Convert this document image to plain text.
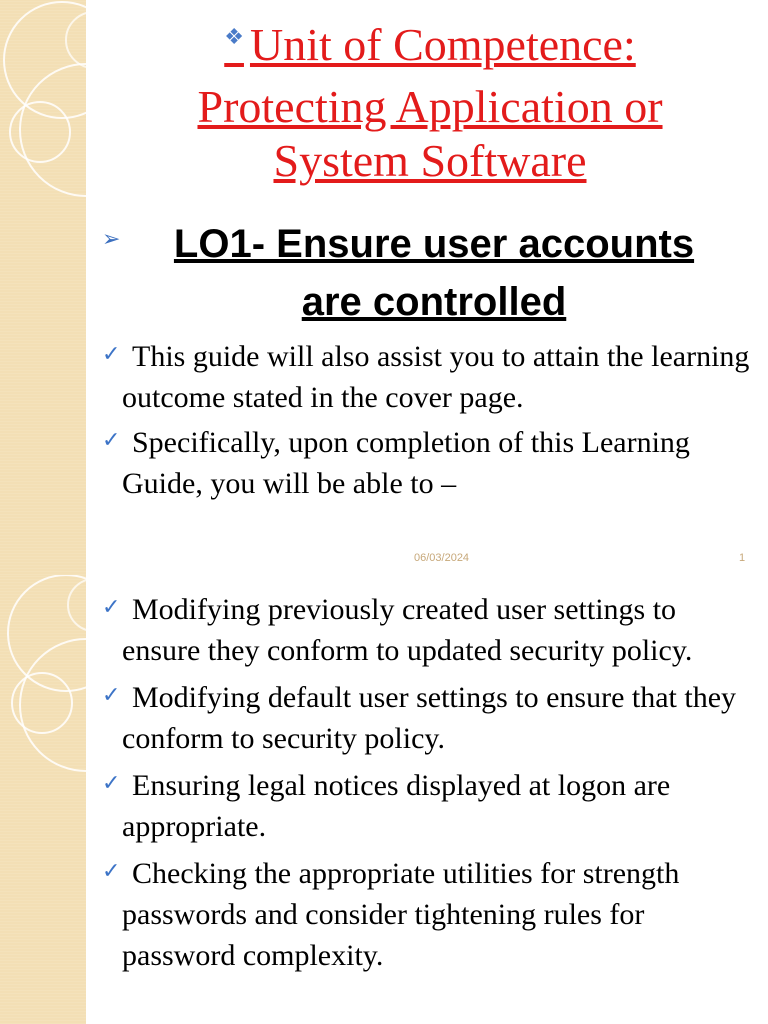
❖ Unit of Competence:
Protecting Application or
System Software
➢	LO1- Ensure user accounts
are controlled
✓ This guide will also assist you to attain the learning outcome stated in the cover page.
✓ Specifically, upon completion of this Learning Guide, you will be able to –
06/03/2024	1
✓ Modifying previously created user settings to ensure they conform to updated security policy.
✓ Modifying default user settings to ensure that they conform to security policy.
✓ Ensuring legal notices displayed at logon are appropriate.
✓ Checking the appropriate utilities for strength passwords and consider tightening rules for password complexity.
